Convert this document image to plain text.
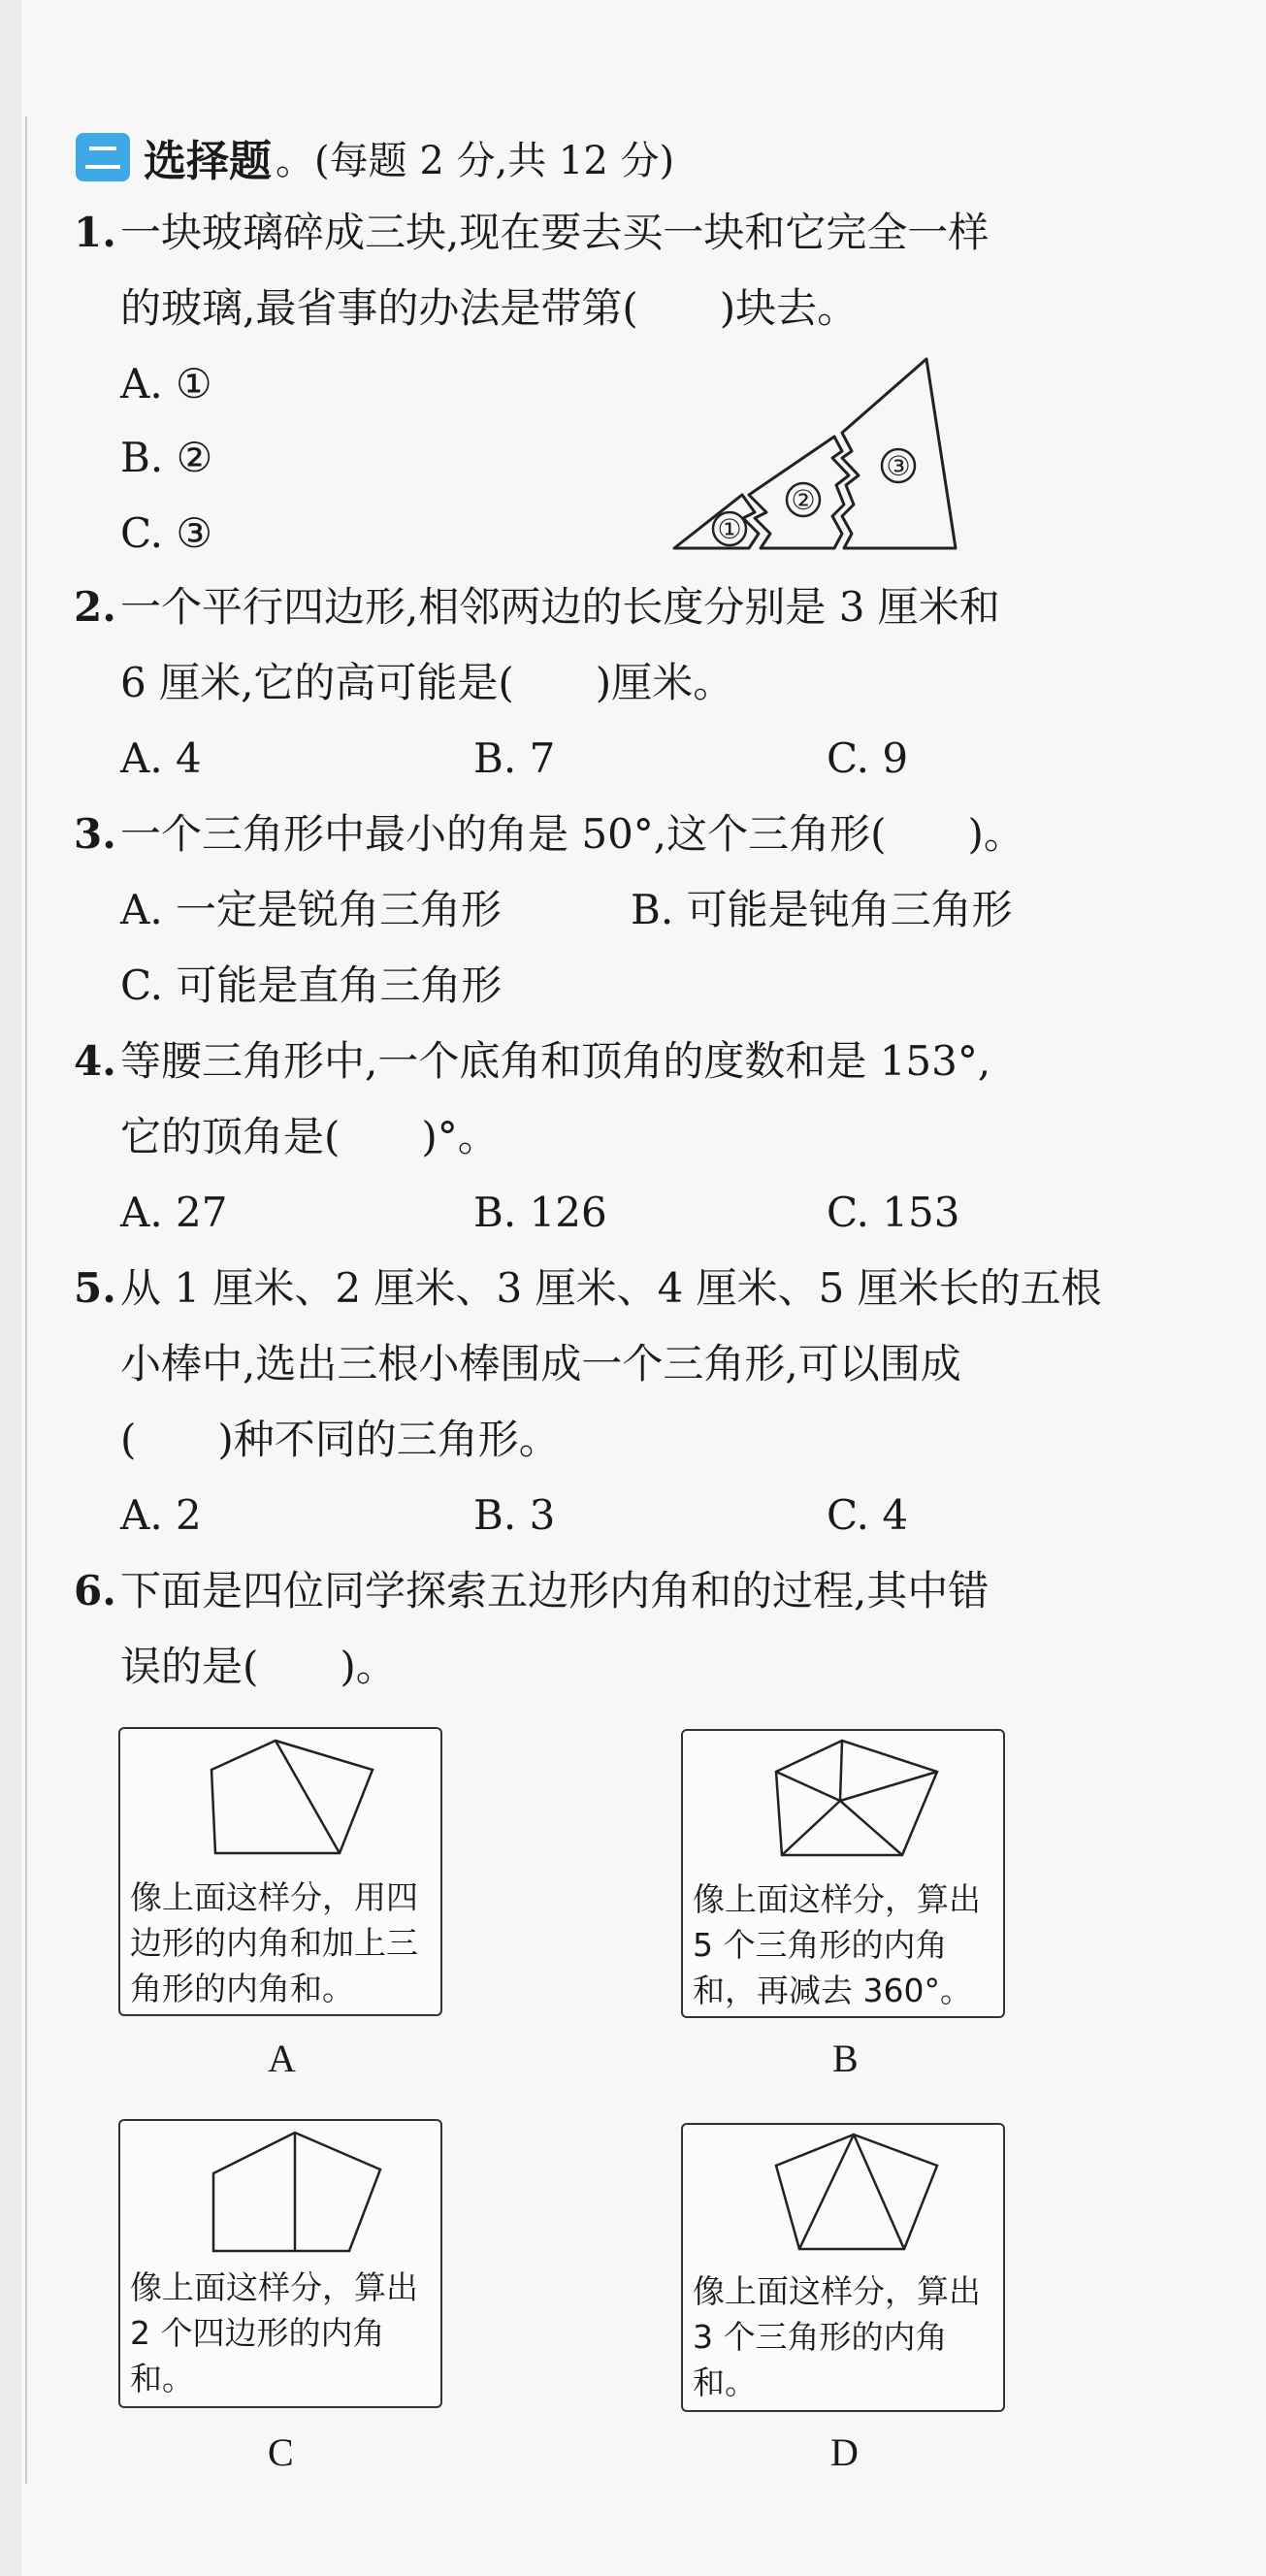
选择题 。(每题 2 分,共 12 分)
1. 一块玻璃碎成三块,现在要去买一块和它完全一样
的玻璃,最省事的办法是带第(　　)块去。
A. ①
B. ②
C. ③	①
②
③
2. 一个平行四边形,相邻两边的长度分别是 3 厘米和
6 厘米,它的高可能是(　　)厘米。
A. 4	B. 7	C. 9
3. 一个三角形中最小的角是 50°,这个三角形(　　)。
A. 一定是锐角三角形	B. 可能是钝角三角形
C. 可能是直角三角形
4. 等腰三角形中,一个底角和顶角的度数和是 153°,
它的顶角是(　　)°。
A. 27	B. 126	C. 153
5. 从 1 厘米、2 厘米、3 厘米、4 厘米、5 厘米长的五根
小棒中,选出三根小棒围成一个三角形,可以围成
(　　)种不同的三角形。
A. 2	B. 3	C. 4
6. 下面是四位同学探索五边形内角和的过程,其中错
误的是(　　)。
像上面这样分，用四边形的内角和加上三角形的内角和。
A
像上面这样分，算出 5 个三角形的内角和，再减去 360°。
B
像上面这样分，算出 2 个四边形的内角和。
C
像上面这样分，算出 3 个三角形的内角和。
D
